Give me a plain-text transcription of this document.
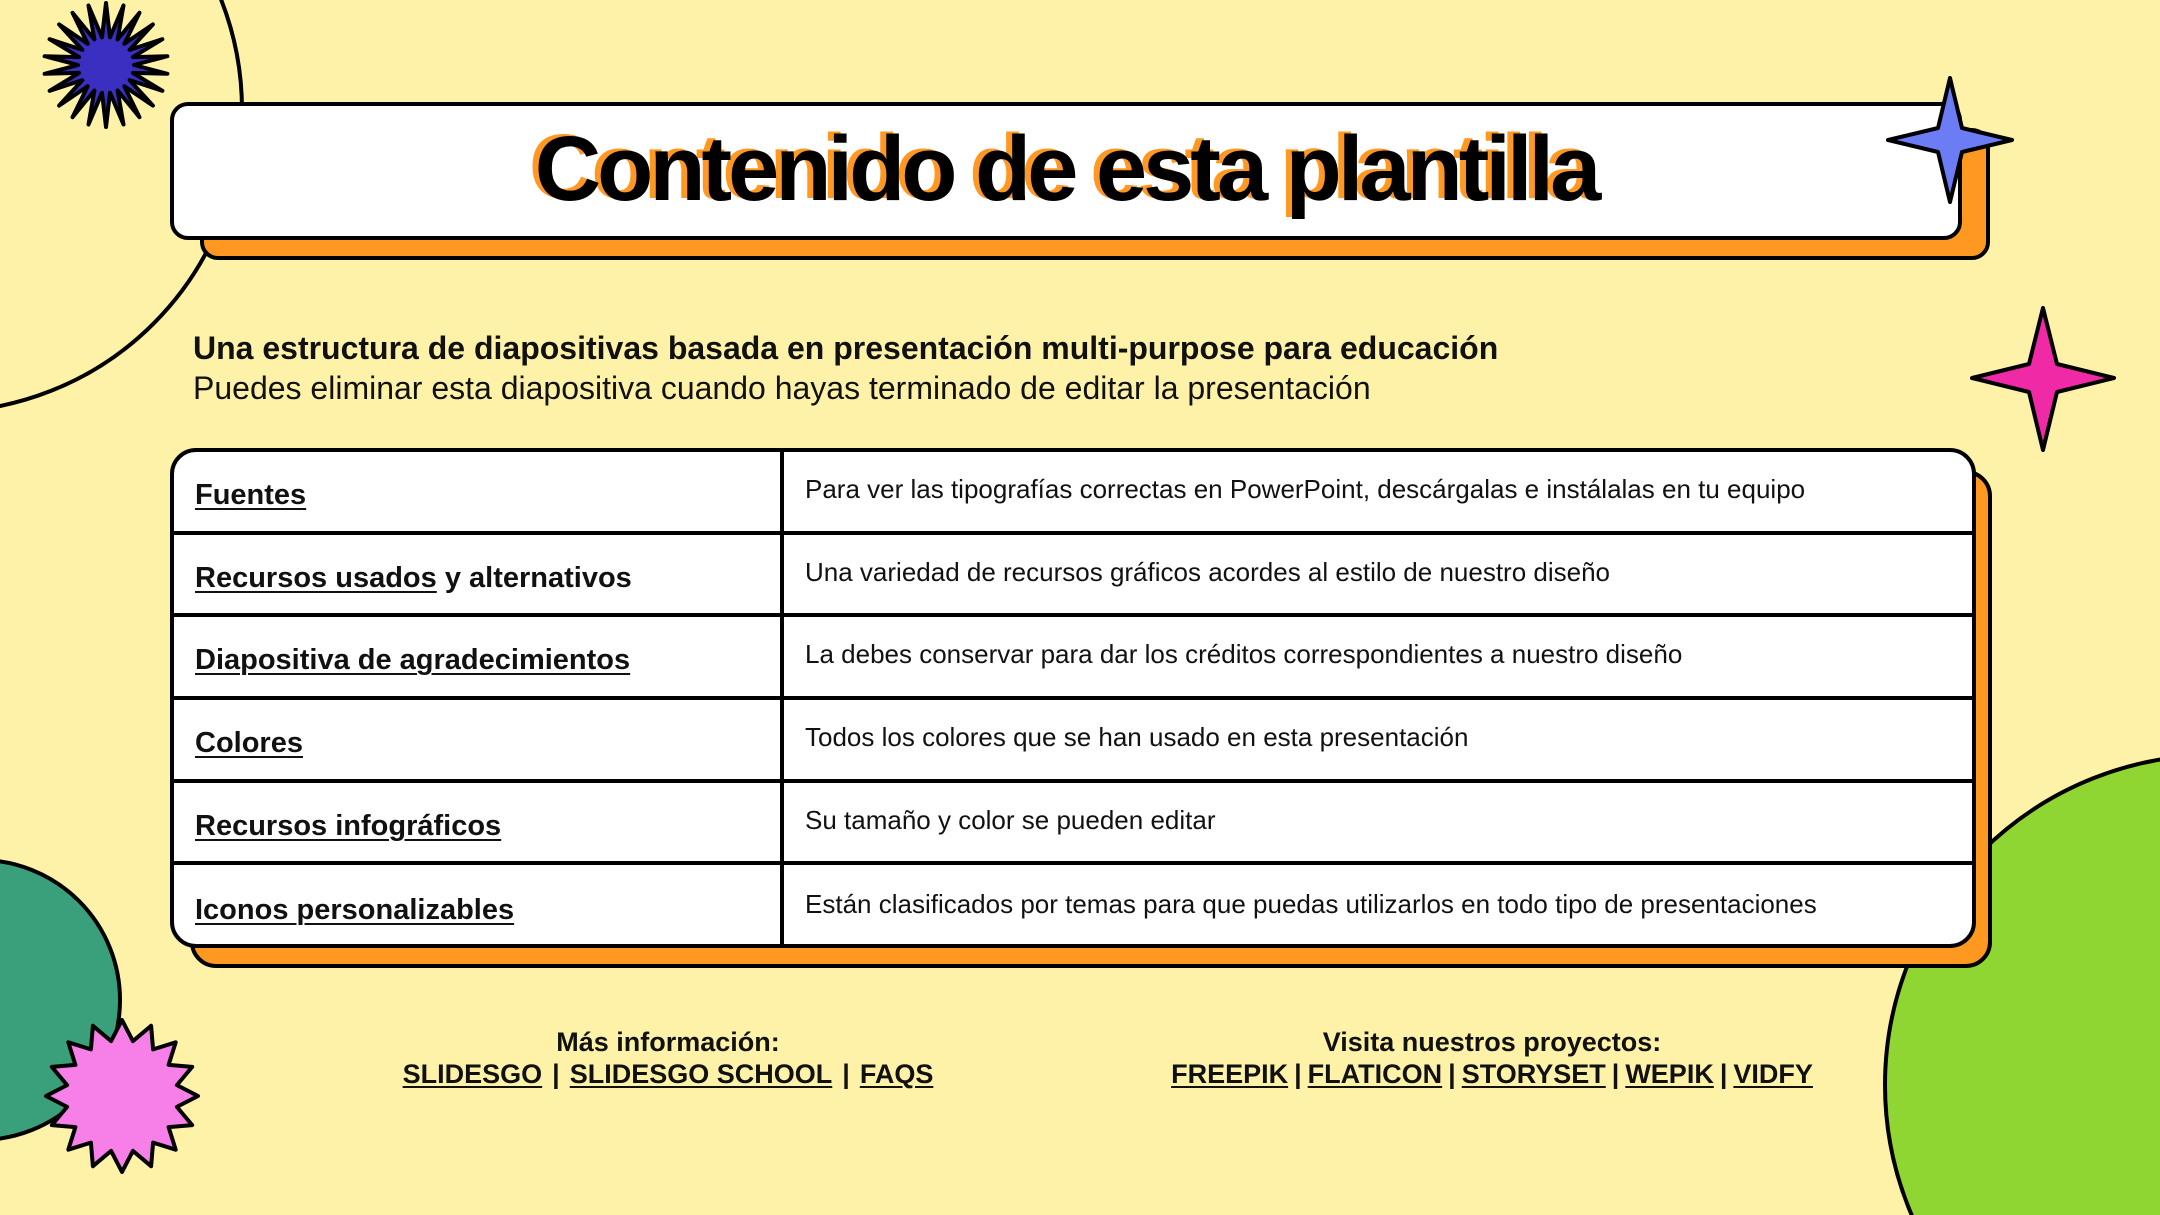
Contenido de esta plantilla
Una estructura de diapositivas basada en presentación multi-purpose para educación
Puedes eliminar esta diapositiva cuando hayas terminado de editar la presentación
Fuentes	Para ver las tipografías correctas en PowerPoint, descárgalas e instálalas en tu equipo
Recursos usados y alternativos	Una variedad de recursos gráficos acordes al estilo de nuestro diseño
Diapositiva de agradecimientos	La debes conservar para dar los créditos correspondientes a nuestro diseño
Colores	Todos los colores que se han usado en esta presentación
Recursos infográficos	Su tamaño y color se pueden editar
Iconos personalizables	Están clasificados por temas para que puedas utilizarlos en todo tipo de presentaciones
Más información:
SLIDESGO | SLIDESGO SCHOOL | FAQS
Visita nuestros proyectos:
FREEPIK | FLATICON | STORYSET | WEPIK | VIDFY
